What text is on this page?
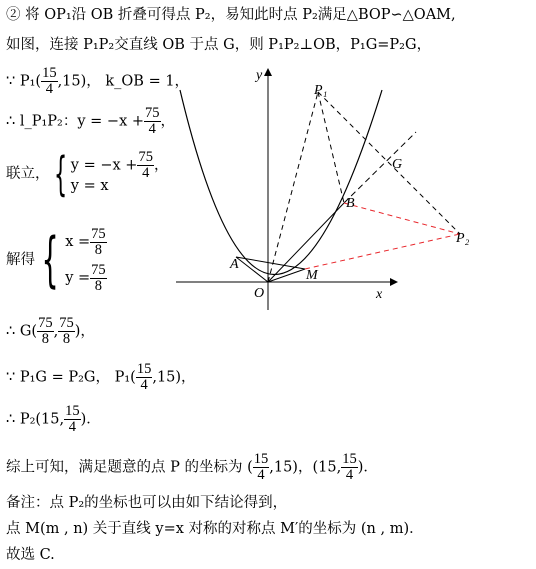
② 将 OP₁沿 OB 折叠可得点 P₂，易知此时点 P₂满足△BOP∽△OAM,
如图，连接 P₁P₂交直线 OB 于点 G，则 P₁P₂⊥OB，P₁G=P₂G，
∵ $P_1( \frac{15}{4} ,15)$， k_OB = 1，
∴ l_P₁P₂：$y = -x + \frac{75}{4}$ ，
联立，{ $y = -x + \frac{75}{4}$ ，
y = x
解得 { $x = \frac{75}{8}$
$y = \frac{75}{8}$
∴ $G( \frac{75}{8}$ , $\frac{75}{8}$ )，
∵ P₁G = P₂G， $P_1( \frac{15}{4} ,15)$，
∴ P₂(15, $\frac{15}{4}$ )．
综上可知，满足题意的点 P 的坐标为 ( $\frac{15}{4} ,15$)，(15, $\frac{15}{4}$ )．
备注：点 P₂的坐标也可以由如下结论得到，
点 M(m , n) 关于直线 y=x 对称的对称点 M′的坐标为 (n , m)．
故选 C.
y
x
O
P₁
P₂
G
B
A
M
